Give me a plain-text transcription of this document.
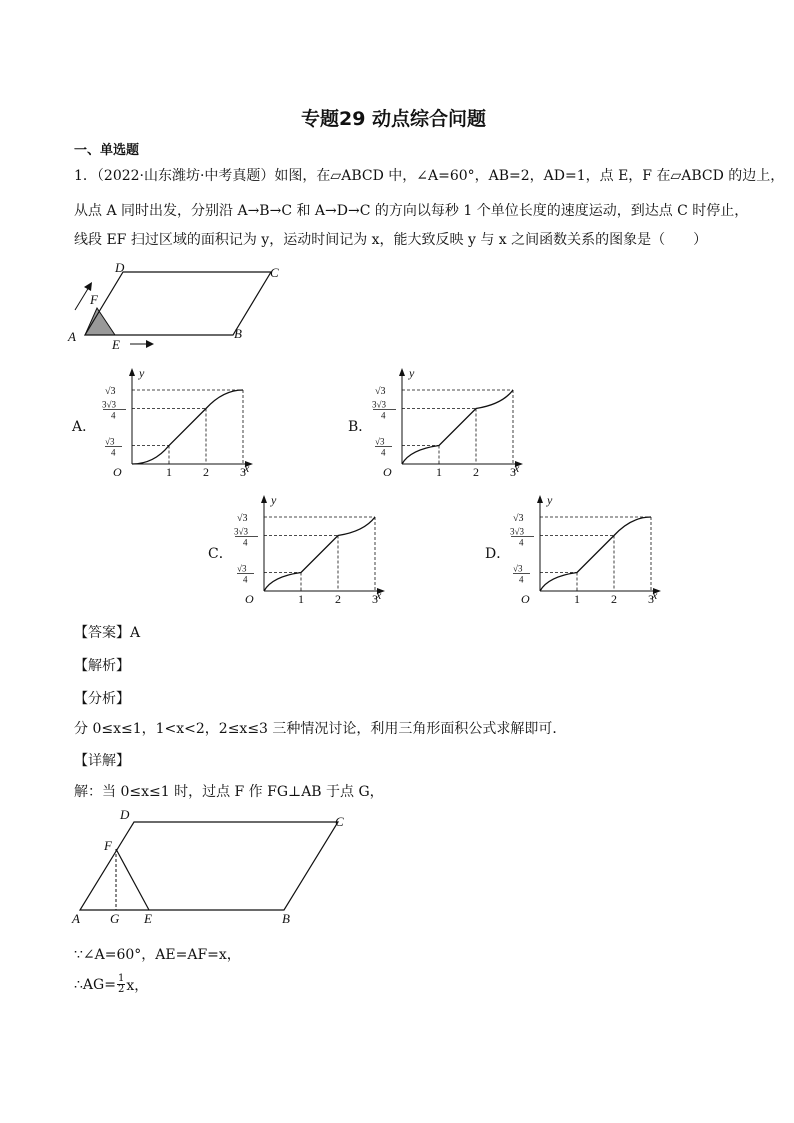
专题29 动点综合问题
一、单选题
1．（2022·山东潍坊·中考真题）如图，在▱ABCD 中，∠A=60°，AB=2，AD=1，点 E，F 在▱ABCD 的边上，
从点 A 同时出发，分别沿 A→B→C 和 A→D→C 的方向以每秒 1 个单位长度的速度运动，到达点 C 时停止，
线段 EF 扫过区域的面积记为 y，运动时间记为 x，能大致反映 y 与 x 之间函数关系的图象是（　　）
A	B
C
D
E
F
A．
y
x
O	1	2	3
√3
3√3
4
√3
4
B．
y
x
O	1	2	3
√3
3√3
4
√3
4
C．
y
x
O	1	2	3
√3
3√3
4
√3
4
D．
y
x
O	1	2	3
√3
3√3
4
√3
4
【答案】A
【解析】
【分析】
分 0≤x≤1，1<x<2，2≤x≤3 三种情况讨论，利用三角形面积公式求解即可．
【详解】
解：当 0≤x≤1 时，过点 F 作 FG⊥AB 于点 G，
A G E	B
C
D
F
∵∠A=60°，AE=AF=x，
∴AG= $\frac{1}{2}$ x，
